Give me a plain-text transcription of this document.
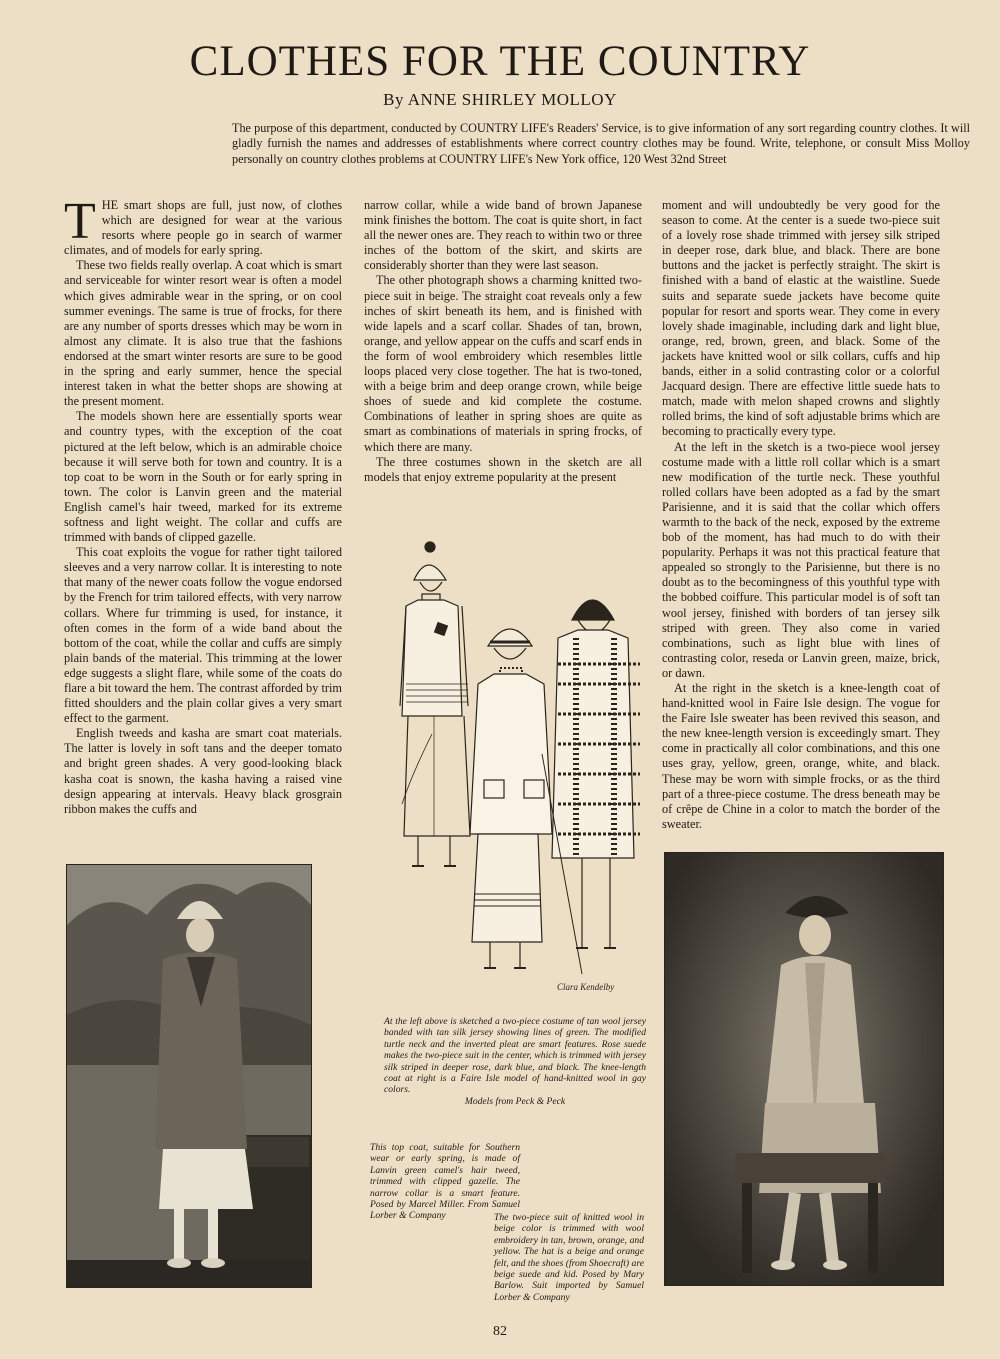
CLOTHES FOR THE COUNTRY
By ANNE SHIRLEY MOLLOY
The purpose of this department, conducted by COUNTRY LIFE's Readers' Service, is to give information of any sort regarding country clothes. It will gladly furnish the names and addresses of establishments where correct country clothes may be found. Write, telephone, or consult Miss Molloy personally on country clothes problems at COUNTRY LIFE's New York office, 120 West 32nd Street

THE smart shops are full, just now, of clothes which are designed for wear at the various resorts where people go in search of warmer climates, and of models for early spring.

These two fields really overlap. A coat which is smart and serviceable for winter resort wear is often a model which gives admirable wear in the spring, or on cool summer evenings. The same is true of frocks, for there are any number of sports dresses which may be worn in almost any climate. It is also true that the fashions endorsed at the smart winter resorts are sure to be good in the spring and early summer, hence the special interest taken in what the better shops are showing at the present moment.

The models shown here are essentially sports wear and country types, with the exception of the coat pictured at the left below, which is an admirable choice because it will serve both for town and country. It is a top coat to be worn in the South or for early spring in town. The color is Lanvin green and the material English camel's hair tweed, marked for its extreme softness and light weight. The collar and cuffs are trimmed with bands of clipped gazelle.

This coat exploits the vogue for rather tight tailored sleeves and a very narrow collar. It is interesting to note that many of the newer coats follow the vogue endorsed by the French for trim tailored effects, with very narrow collars. Where fur trimming is used, for instance, it often comes in the form of a wide band about the bottom of the coat, while the collar and cuffs are simply plain bands of the material. This trimming at the lower edge suggests a slight flare, while some of the coats do flare a bit toward the hem. The contrast afforded by trim fitted shoulders and the plain collar gives a very smart effect to the garment.

English tweeds and kasha are smart coat materials. The latter is lovely in soft tans and the deeper tomato and bright green shades. A very good-looking black kasha coat is snown, the kasha having a raised vine design appearing at intervals. Heavy black grosgrain ribbon makes the cuffs and

narrow collar, while a wide band of brown Japanese mink finishes the bottom. The coat is quite short, in fact all the newer ones are. They reach to within two or three inches of the bottom of the skirt, and skirts are considerably shorter than they were last season.

The other photograph shows a charming knitted two-piece suit in beige. The straight coat reveals only a few inches of skirt beneath its hem, and is finished with wide lapels and a scarf collar. Shades of tan, brown, orange, and yellow appear on the cuffs and scarf ends in the form of wool embroidery which resembles little loops placed very close together. The hat is two-toned, with a beige brim and deep orange crown, while beige shoes of suede and kid complete the costume. Combinations of leather in spring shoes are quite as smart as combinations of materials in spring frocks, of which there are many.

The three costumes shown in the sketch are all models that enjoy extreme popularity at the present

moment and will undoubtedly be very good for the season to come. At the center is a suede two-piece suit of a lovely rose shade trimmed with jersey silk striped in deeper rose, dark blue, and black. There are bone buttons and the jacket is perfectly straight. The skirt is finished with a band of elastic at the waistline. Suede suits and separate suede jackets have become quite popular for resort and sports wear. They come in every lovely shade imaginable, including dark and light blue, orange, red, brown, green, and black. Some of the jackets have knitted wool or silk collars, cuffs and hip bands, either in a solid contrasting color or a colorful Jacquard design. There are effective little suede hats to match, made with melon shaped crowns and slightly rolled brims, the kind of soft adjustable brims which are becoming to practically every type.

At the left in the sketch is a two-piece wool jersey costume made with a little roll collar which is a smart new modification of the turtle neck. These youthful rolled collars have been adopted as a fad by the smart Parisienne, and it is said that the collar which offers warmth to the back of the neck, exposed by the extreme bob of the moment, has had much to do with their popularity. Perhaps it was not this practical feature that appealed so strongly to the Parisienne, but there is no doubt as to the becomingness of this youthful type with the bobbed coiffure. This particular model is of soft tan wool jersey, finished with borders of tan jersey silk striped with green. They also come in varied combinations, such as light blue with lines of contrasting color, reseda or Lanvin green, maize, brick, or dawn.

At the right in the sketch is a knee-length coat of hand-knitted wool in Faire Isle design. The vogue for the Faire Isle sweater has been revived this season, and the new knee-length version is exceedingly smart. They come in practically all color combinations, and this one uses gray, yellow, green, orange, white, and black. These may be worn with simple frocks, or as the third part of a three-piece costume. The dress beneath may be of crêpe de Chine in a color to match the border of the sweater.

Clara Kendelby
At the left above is sketched a two-piece costume of tan wool jersey banded with tan silk jersey showing lines of green. The modified turtle neck and the inverted pleat are smart features. Rose suede makes the two-piece suit in the center, which is trimmed with jersey silk striped in deeper rose, dark blue, and black. The knee-length coat at right is a Faire Isle model of hand-knitted wool in gay colors.
Models from Peck & Peck
This top coat, suitable for Southern wear or early spring, is made of Lanvin green camel's hair tweed, trimmed with clipped gazelle. The narrow collar is a smart feature. Posed by Marcel Miller. From Samuel Lorber & Company	The two-piece suit of knitted wool in beige color is trimmed with wool embroidery in tan, brown, orange, and yellow. The hat is a beige and orange felt, and the shoes (from Shoecraft) are beige suede and kid. Posed by Mary Barlow. Suit imported by Samuel Lorber & Company
82
